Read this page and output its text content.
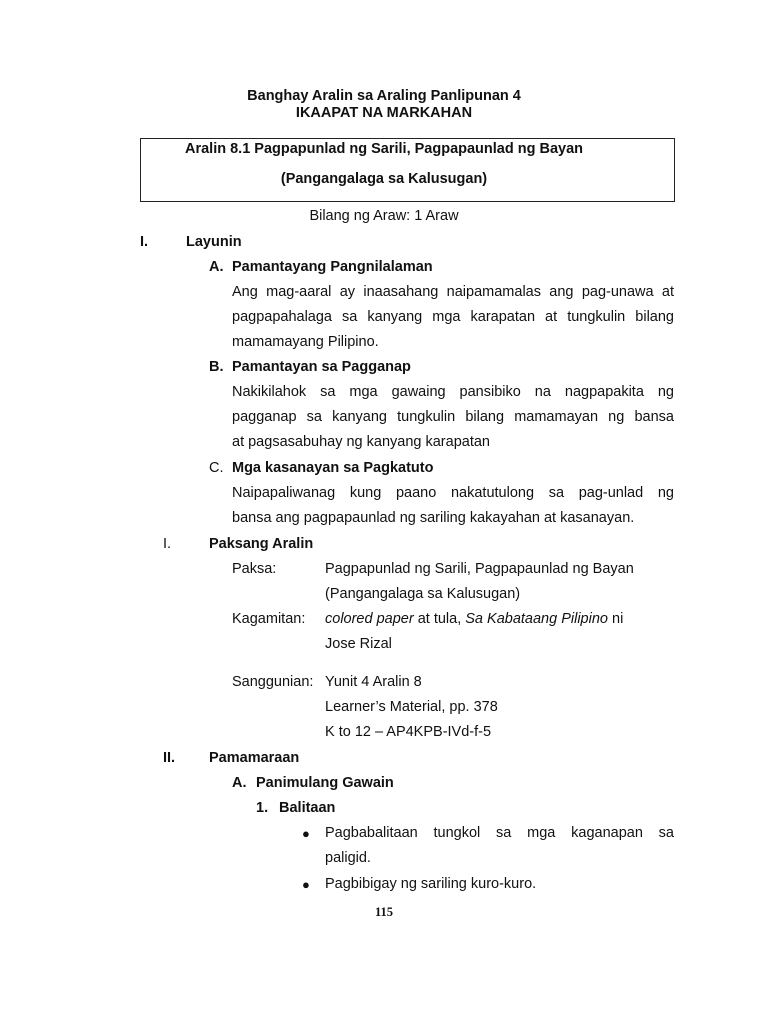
Banghay Aralin sa Araling Panlipunan 4
IKAAPAT NA MARKAHAN
Aralin 8.1 Pagpapunlad ng Sarili, Pagpapaunlad ng Bayan
(Pangangalaga sa Kalusugan)
Bilang ng Araw: 1 Araw
I.	Layunin
A. Pamantayang Pangnilalaman
Ang mag-aaral ay inaasahang naipamamalas ang pag-unawa at
pagpapahalaga sa kanyang mga karapatan at tungkulin bilang
mamamayang Pilipino.
B. Pamantayan sa Pagganap
Nakikilahok sa mga gawaing pansibiko na nagpapakita ng
pagganap sa kanyang tungkulin bilang mamamayan ng bansa
at pagsasabuhay ng kanyang karapatan
C. Mga kasanayan sa Pagkatuto
Naipapaliwanag kung paano nakatutulong sa pag-unlad ng
bansa ang pagpapaunlad ng sariling kakayahan at kasanayan.
I.	Paksang Aralin
Paksa:	Pagpapunlad ng Sarili, Pagpapaunlad ng Bayan
(Pangangalaga sa Kalusugan)
Kagamitan: colored paper at tula, Sa Kabataang Pilipino ni
Jose Rizal
Sanggunian: Yunit 4 Aralin 8
Learner’s Material, pp. 378
K to 12 – AP4KPB-IVd-f-5
II. Pamamaraan
A. Panimulang Gawain
1. Balitaan
● Pagbabalitaan tungkol sa mga kaganapan sa
paligid.
● Pagbibigay ng sariling kuro-kuro.
115
